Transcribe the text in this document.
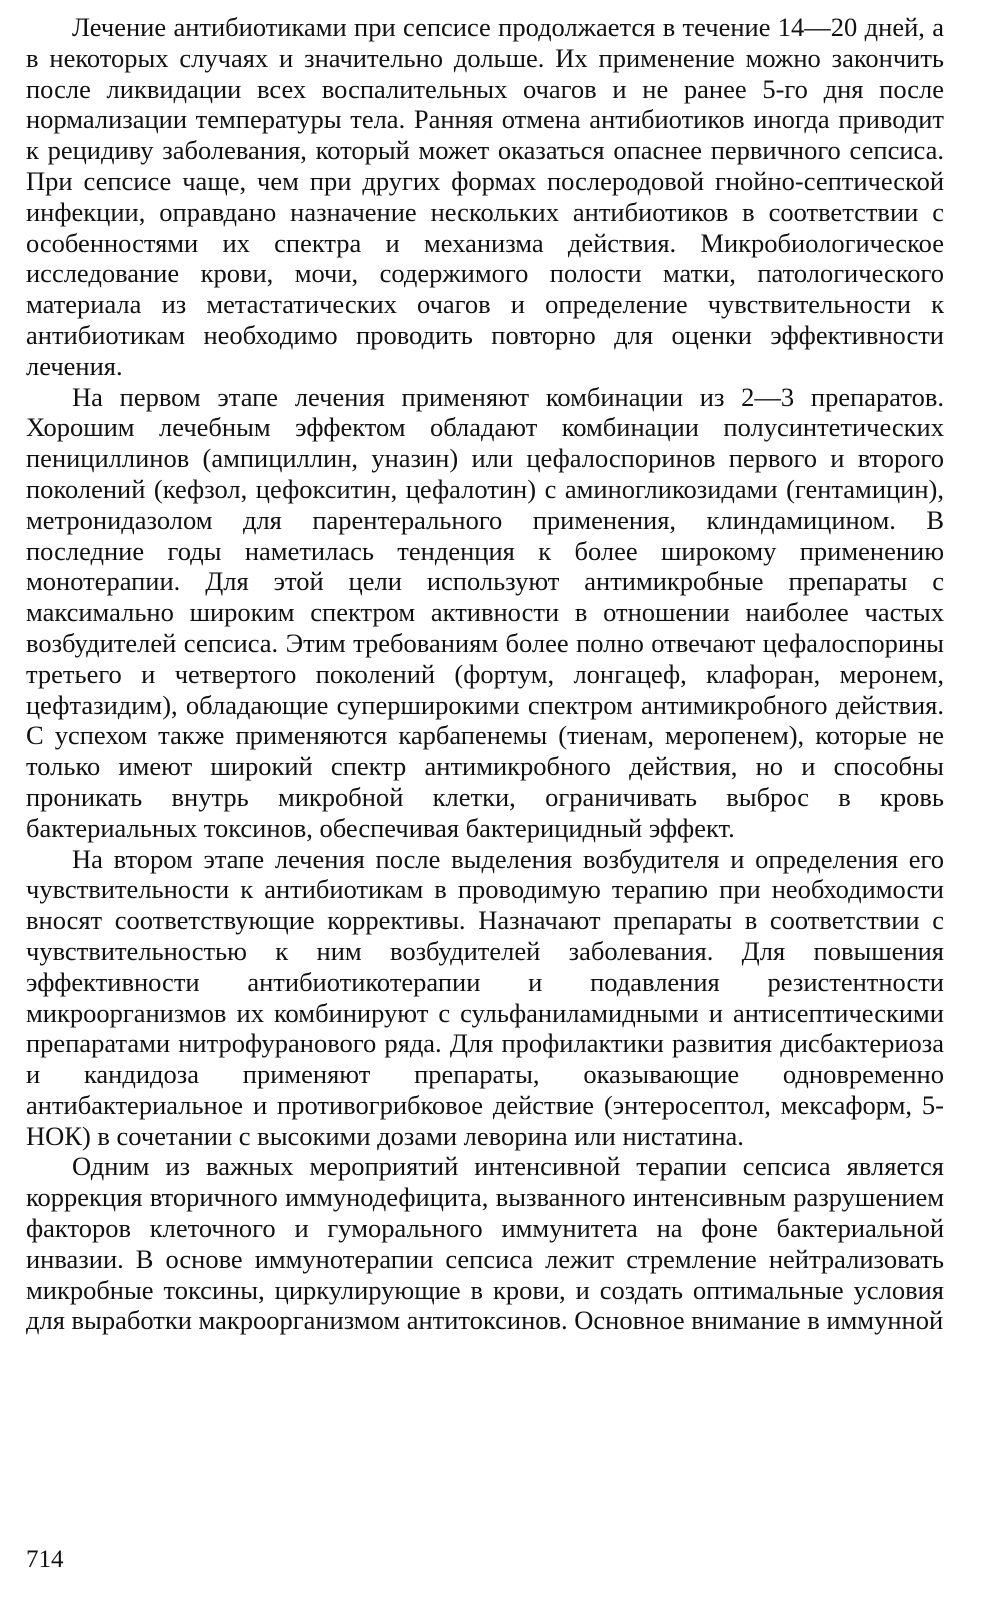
Лечение антибиотиками при сепсисе продолжается в течение 14—20 дней, а в некоторых случаях и значительно дольше. Их применение можно закончить после ликвидации всех воспалительных очагов и не ранее 5-го дня после нормализации температуры тела. Ранняя отмена антибиотиков иногда приводит к рецидиву заболевания, который может оказаться опаснее первичного сепсиса. При сепсисе чаще, чем при других формах послеродовой гнойно-септической инфекции, оправдано назначение нескольких антибиотиков в соответствии с особенностями их спектра и механизма действия. Микробиологическое исследование крови, мочи, содержимого полости матки, патологического материала из метастатических очагов и определение чувствительности к антибиотикам необходимо проводить повторно для оценки эффективности лечения.

На первом этапе лечения применяют комбинации из 2—3 препаратов. Хорошим лечебным эффектом обладают комбинации полусинтетических пенициллинов (ампициллин, уназин) или цефалоспоринов первого и второго поколений (кефзол, цефокситин, цефалотин) с аминогликозидами (гентамицин), метронидазолом для парентерального применения, клиндамицином. В последние годы наметилась тенденция к более широкому применению монотерапии. Для этой цели используют антимикробные препараты с максимально широким спектром активности в отношении наиболее частых возбудителей сепсиса. Этим требованиям более полно отвечают цефалоспорины третьего и четвертого поколений (фортум, лонгацеф, клафоран, меронем, цефтазидим), обладающие суперширокими спектром антимикробного действия. С успехом также применяются карбапенемы (тиенам, меропенем), которые не только имеют широкий спектр антимикробного действия, но и способны проникать внутрь микробной клетки, ограничивать выброс в кровь бактериальных токсинов, обеспечивая бактерицидный эффект.

На втором этапе лечения после выделения возбудителя и определения его чувствительности к антибиотикам в проводимую терапию при необходимости вносят соответствующие коррективы. Назначают препараты в соответствии с чувствительностью к ним возбудителей заболевания. Для повышения эффективности антибиотикотерапии и подавления резистентности микроорганизмов их комбинируют с сульфаниламидными и антисептическими препаратами нитрофуранового ряда. Для профилактики развития дисбактериоза и кандидоза применяют препараты, оказывающие одновременно антибактериальное и противогрибковое действие (энтеросептол, мексаформ, 5-НОК) в сочетании с высокими дозами леворина или нистатина.

Одним из важных мероприятий интенсивной терапии сепсиса является коррекция вторичного иммунодефицита, вызванного интенсивным разрушением факторов клеточного и гуморального иммунитета на фоне бактериальной инвазии. В основе иммунотерапии сепсиса лежит стремление нейтрализовать микробные токсины, циркулирующие в крови, и создать оптимальные условия для выработки макроорганизмом антитоксинов. Основное внимание в иммунной

714
